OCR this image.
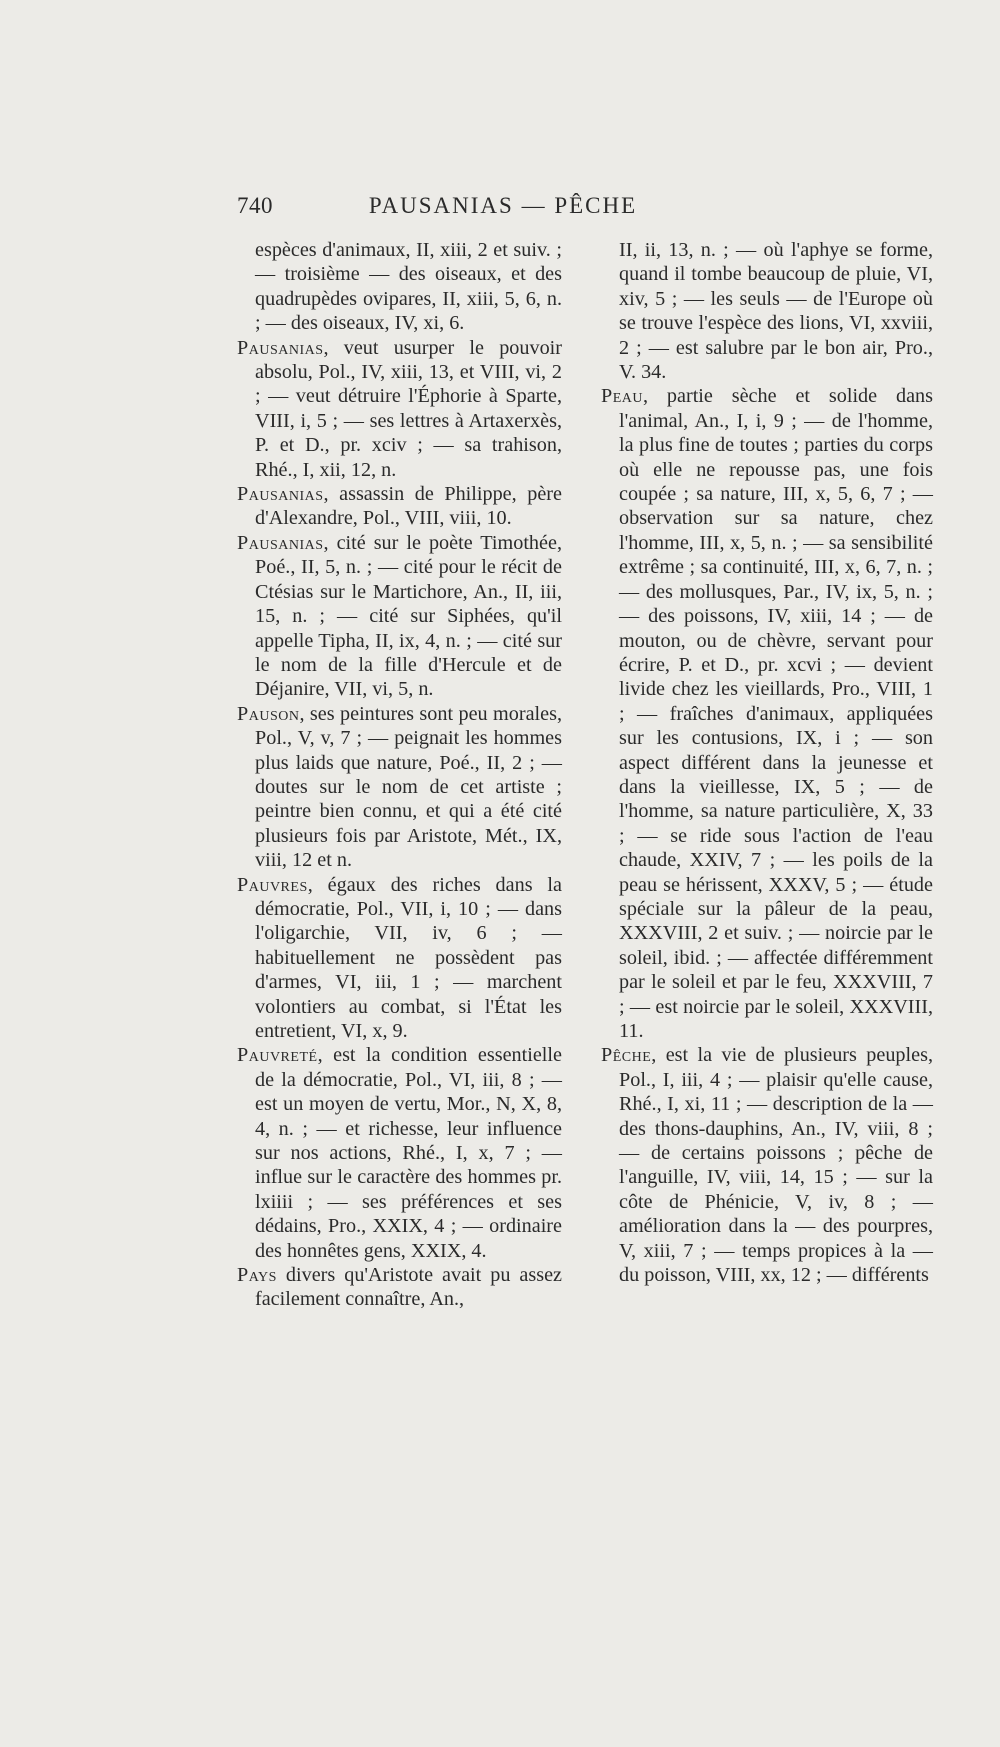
740	PAUSANIAS — PÊCHE

espèces d'animaux, II, xiii, 2 et suiv. ; — troisième — des oiseaux, et des quadrupèdes ovipares, II, xiii, 5, 6, n. ; — des oiseaux, IV, xi, 6.

Pausanias, veut usurper le pouvoir absolu, Pol., IV, xiii, 13, et VIII, vi, 2 ; — veut détruire l'Éphorie à Sparte, VIII, i, 5 ; — ses lettres à Artaxerxès, P. et D., pr. xciv ; — sa trahison, Rhé., I, xii, 12, n.

Pausanias, assassin de Philippe, père d'Alexandre, Pol., VIII, viii, 10.

Pausanias, cité sur le poète Timothée, Poé., II, 5, n. ; — cité pour le récit de Ctésias sur le Martichore, An., II, iii, 15, n. ; — cité sur Siphées, qu'il appelle Tipha, II, ix, 4, n. ; — cité sur le nom de la fille d'Hercule et de Déjanire, VII, vi, 5, n.

Pauson, ses peintures sont peu morales, Pol., V, v, 7 ; — peignait les hommes plus laids que nature, Poé., II, 2 ; — doutes sur le nom de cet artiste ; peintre bien connu, et qui a été cité plusieurs fois par Aristote, Mét., IX, viii, 12 et n.

Pauvres, égaux des riches dans la démocratie, Pol., VII, i, 10 ; — dans l'oligarchie, VII, iv, 6 ; — habituellement ne possèdent pas d'armes, VI, iii, 1 ; — marchent volontiers au combat, si l'État les entretient, VI, x, 9.

Pauvreté, est la condition essentielle de la démocratie, Pol., VI, iii, 8 ; — est un moyen de vertu, Mor., N, X, 8, 4, n. ; — et richesse, leur influence sur nos actions, Rhé., I, x, 7 ; — influe sur le caractère des hommes pr. lxiiii ; — ses préférences et ses dédains, Pro., XXIX, 4 ; — ordinaire des honnêtes gens, XXIX, 4.

Pays divers qu'Aristote avait pu assez facilement connaître, An.,

II, ii, 13, n. ; — où l'aphye se forme, quand il tombe beaucoup de pluie, VI, xiv, 5 ; — les seuls — de l'Europe où se trouve l'espèce des lions, VI, xxviii, 2 ; — est salubre par le bon air, Pro., V. 34.

Peau, partie sèche et solide dans l'animal, An., I, i, 9 ; — de l'homme, la plus fine de toutes ; parties du corps où elle ne repousse pas, une fois coupée ; sa nature, III, x, 5, 6, 7 ; — observation sur sa nature, chez l'homme, III, x, 5, n. ; — sa sensibilité extrême ; sa continuité, III, x, 6, 7, n. ; — des mollusques, Par., IV, ix, 5, n. ; — des poissons, IV, xiii, 14 ; — de mouton, ou de chèvre, servant pour écrire, P. et D., pr. xcvi ; — devient livide chez les vieillards, Pro., VIII, 1 ; — fraîches d'animaux, appliquées sur les contusions, IX, i ; — son aspect différent dans la jeunesse et dans la vieillesse, IX, 5 ; — de l'homme, sa nature particulière, X, 33 ; — se ride sous l'action de l'eau chaude, XXIV, 7 ; — les poils de la peau se hérissent, XXXV, 5 ; — étude spéciale sur la pâleur de la peau, XXXVIII, 2 et suiv. ; — noircie par le soleil, ibid. ; — affectée différemment par le soleil et par le feu, XXXVIII, 7 ; — est noircie par le soleil, XXXVIII, 11.

Pêche, est la vie de plusieurs peuples, Pol., I, iii, 4 ; — plaisir qu'elle cause, Rhé., I, xi, 11 ; — description de la — des thons-dauphins, An., IV, viii, 8 ; — de certains poissons ; pêche de l'anguille, IV, viii, 14, 15 ; — sur la côte de Phénicie, V, iv, 8 ; — amélioration dans la — des pourpres, V, xiii, 7 ; — temps propices à la — du poisson, VIII, xx, 12 ; — différents
